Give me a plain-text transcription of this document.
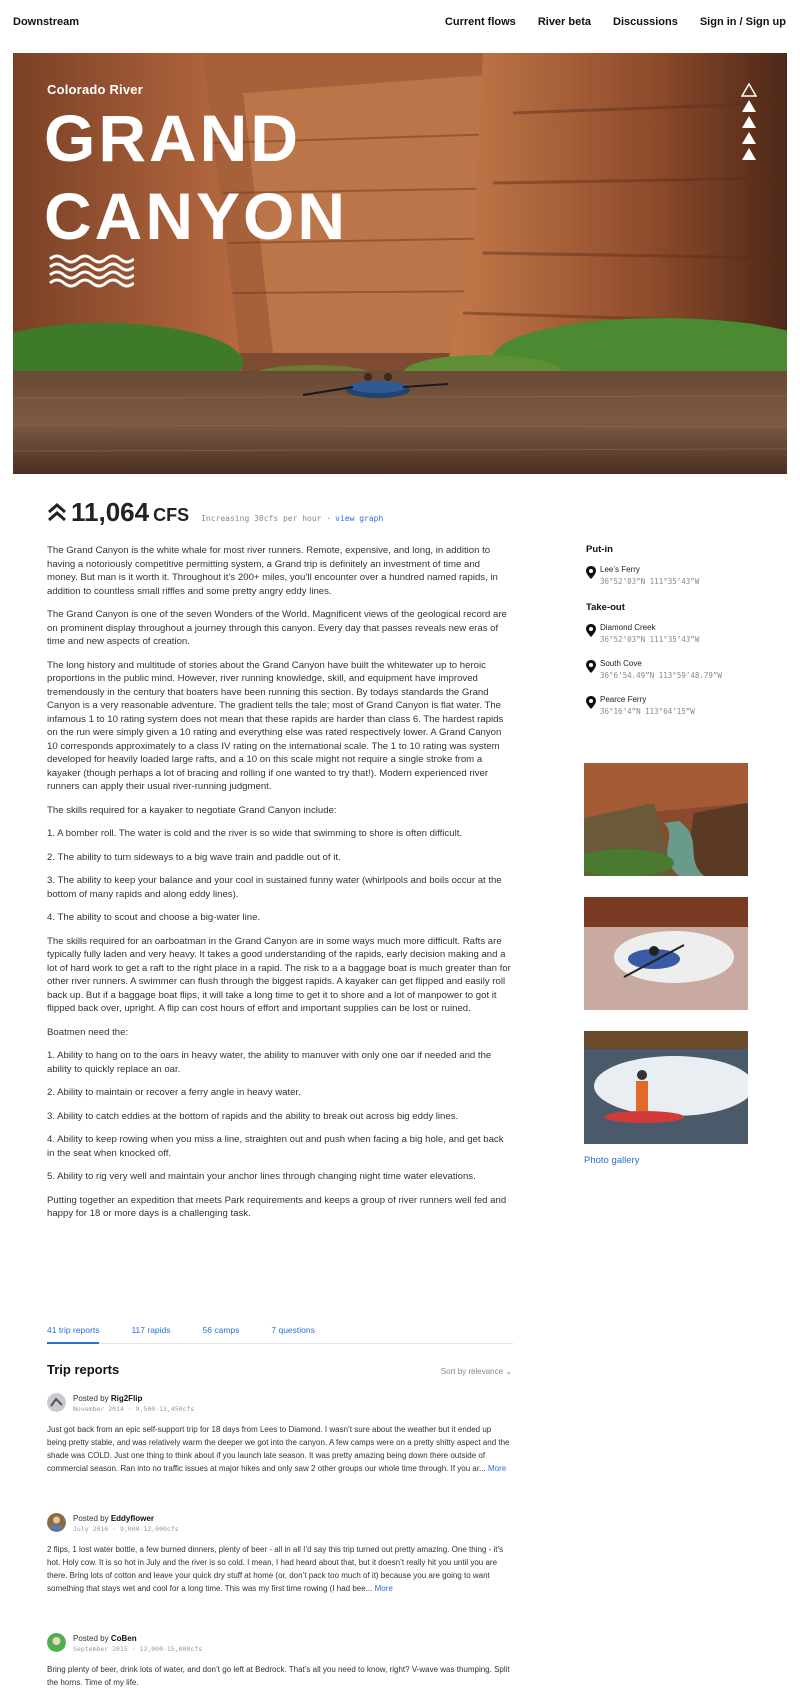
Downstream	Current flows River beta Discussions Sign in / Sign up
Colorado River
GRAND
CANYON
11,064 CFS Increasing 30cfs per hour · view graph

The Grand Canyon is the white whale for most river runners. Remote, expensive, and long, in addition to having a notoriously competitive permitting system, a Grand trip is definitely an investment of time and money. But man is it worth it. Throughout it’s 200+ miles, you’ll encounter over a hundred named rapids, in addition to countless small riffles and some pretty angry eddy lines.

The Grand Canyon is one of the seven Wonders of the World. Magnificent views of the geological record are on prominent display throughout a journey through this canyon. Every day that passes reveals new eras of time and new aspects of creation.

The long history and multitude of stories about the Grand Canyon have built the whitewater up to heroic proportions in the public mind. However, river running knowledge, skill, and equipment have improved tremendously in the century that boaters have been running this section. By todays standards the Grand Canyon is a very reasonable adventure. The gradient tells the tale; most of Grand Canyon is flat water. The infamous 1 to 10 rating system does not mean that these rapids are harder than class 6. The hardest rapids on the run were simply given a 10 rating and everything else was rated respectively lower. A Grand Canyon 10 corresponds approximately to a class IV rating on the international scale. The 1 to 10 rating was system developed for heavily loaded large rafts, and a 10 on this scale might not require a single stroke from a kayaker (though perhaps a lot of bracing and rolling if one wanted to try that!). Modern experienced river runners can apply their usual river-running judgment.

The skills required for a kayaker to negotiate Grand Canyon include:

1. A bomber roll. The water is cold and the river is so wide that swimming to shore is often difficult.

2. The ability to turn sideways to a big wave train and paddle out of it.

3. The ability to keep your balance and your cool in sustained funny water (whirlpools and boils occur at the bottom of many rapids and along eddy lines).

4. The ability to scout and choose a big-water line.

The skills required for an oarboatman in the Grand Canyon are in some ways much more difficult. Rafts are typically fully laden and very heavy. It takes a good understanding of the rapids, early decision making and a lot of hard work to get a raft to the right place in a rapid. The risk to a a baggage boat is much greater than for other river runners. A swimmer can flush through the biggest rapids. A kayaker can get flipped and easily roll back up. But if a baggage boat flips, it will take a long time to get it to shore and a lot of manpower to got it flipped back over, upright. A flip can cost hours of effort and important supplies can be lost or ruined.

Boatmen need the:

1. Ability to hang on to the oars in heavy water, the ability to manuver with only one oar if needed and the ability to quickly replace an oar.

2. Ability to maintain or recover a ferry angle in heavy water.

3. Ability to catch eddies at the bottom of rapids and the ability to break out across big eddy lines.

4. Ability to keep rowing when you miss a line, straighten out and push when facing a big hole, and get back in the seat when knocked off.

5. Ability to rig very well and maintain your anchor lines through changing night time water elevations.

Putting together an expedition that meets Park requirements and keeps a group of river runners well fed and happy for 18 or more days is a challenging task.

41 trip reports	117 rapids	56 camps	7 questions
Trip reports	Sort by relevance ⌄
Posted by Rig2Flip
November 2014 · 9,500-13,450cfs
Just got back from an epic self-support trip for 18 days from Lees to Diamond. I wasn’t sure about the weather but it ended up being pretty stable, and was relatively warm the deeper we got into the canyon. A few camps were on a pretty shitty aspect and the shade was COLD. Just one thing to think about if you launch late season. It was pretty amazing being down there outside of commercial season. Ran into no traffic issues at major hikes and only saw 2 other groups our whole time through. If you ar... More
Posted by Eddyflower
July 2016 · 9,000-12,000cfs
2 flips, 1 lost water bottle, a few burned dinners, plenty of beer - all in all I’d say this trip turned out pretty amazing. One thing - it’s hot. Holy cow. It is so hot in July and the river is so cold. I mean, I had heard about that, but it doesn’t really hit you until you are there. Bring lots of cotton and leave your quick dry stuff at home (or, don’t pack too much of it) because you are going to want something that stays wet and cool for a long time. This was my first time rowing (I had bee... More
Posted by CoBen
September 2015 · 12,000-15,000cfs
Bring plenty of beer, drink lots of water, and don’t go left at Bedrock. That’s all you need to know, right? V-wave was thumping. Split the horns. Time of my life.
Put-in
Lee’s Ferry
36°52’03”N 111°35’43”W
Take-out
Diamond Creek
36°52’03”N 111°35’43”W
South Cove
36°6’54.49”N 113°59’48.79”W
Pearce Ferry
36°16’4”N 113°64’15”W
Photo gallery
